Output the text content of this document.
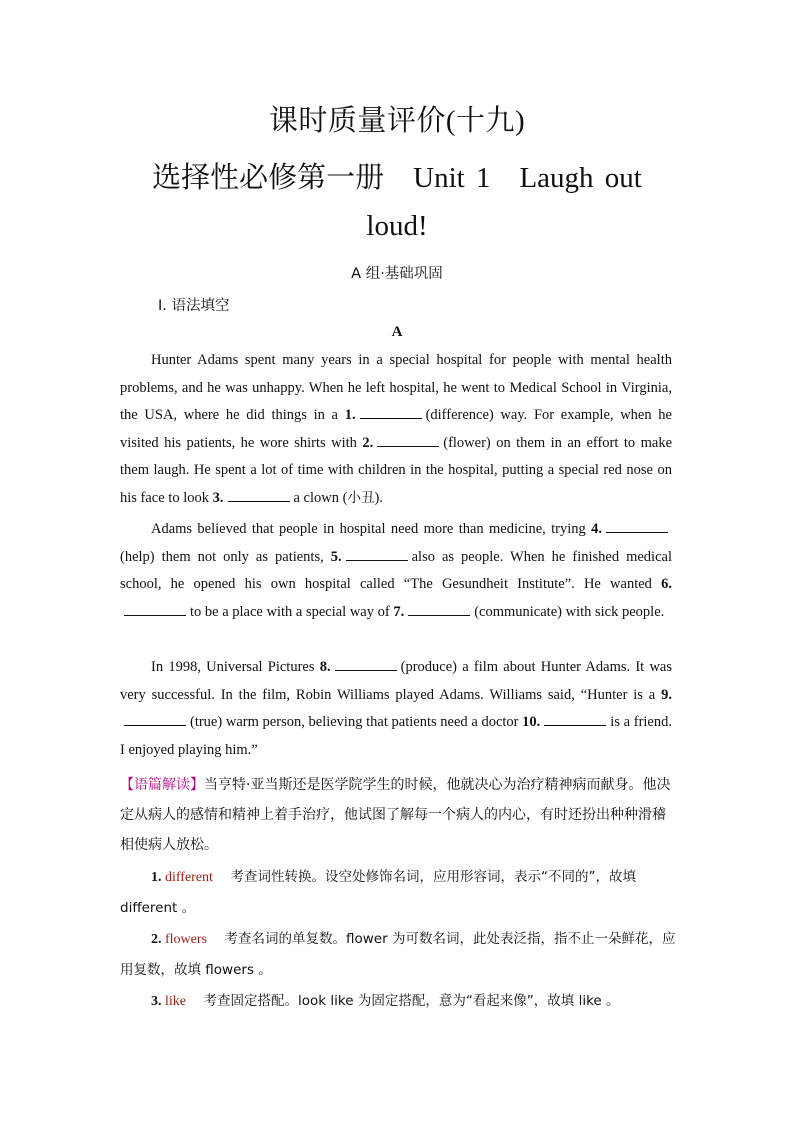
课时质量评价(十九)
选择性必修第一册　Unit 1　Laugh out
loud!
A 组·基础巩固
Ⅰ. 语法填空
A

Hunter Adams spent many years in a special hospital for people with mental health problems, and he was unhappy. When he left hospital, he went to Medical School in Virginia, the USA, where he did things in a 1.	(difference) way. For example, when he visited his patients, he wore shirts with 2.	(flower) on them in an effort to make them laugh. He spent a lot of time with children in the hospital, putting a special red nose on his face to look 3.	a clown (小丑).

Adams believed that people in hospital need more than medicine, trying 4.(help) them not only as patients, 5.	also as people. When he finished medical school, he opened his own hospital called “The Gesundheit Institute”. He wanted 6.to be a place with a special way of 7.	(communicate) with sick people.

In 1998, Universal Pictures 8.	(produce) a film about Hunter Adams. It was very successful. In the film, Robin Williams played Adams. Williams said, “Hunter is a 9.(true) warm person, believing that patients need a doctor 10.	is a friend. I enjoyed playing him.”

【语篇解读】当亨特·亚当斯还是医学院学生的时候，他就决心为治疗精神病而献身。他决定从病人的感情和精神上着手治疗，他试图了解每一个病人的内心，有时还扮出种种滑稽相使病人放松。

1. different　 考查词性转换。设空处修饰名词，应用形容词，表示“不同的”，故填 different 。

2. flowers　 考查名词的单复数。flower 为可数名词，此处表泛指，指不止一朵鲜花，应用复数，故填 flowers 。

3. like　 考查固定搭配。look like 为固定搭配，意为“看起来像”，故填 like 。
